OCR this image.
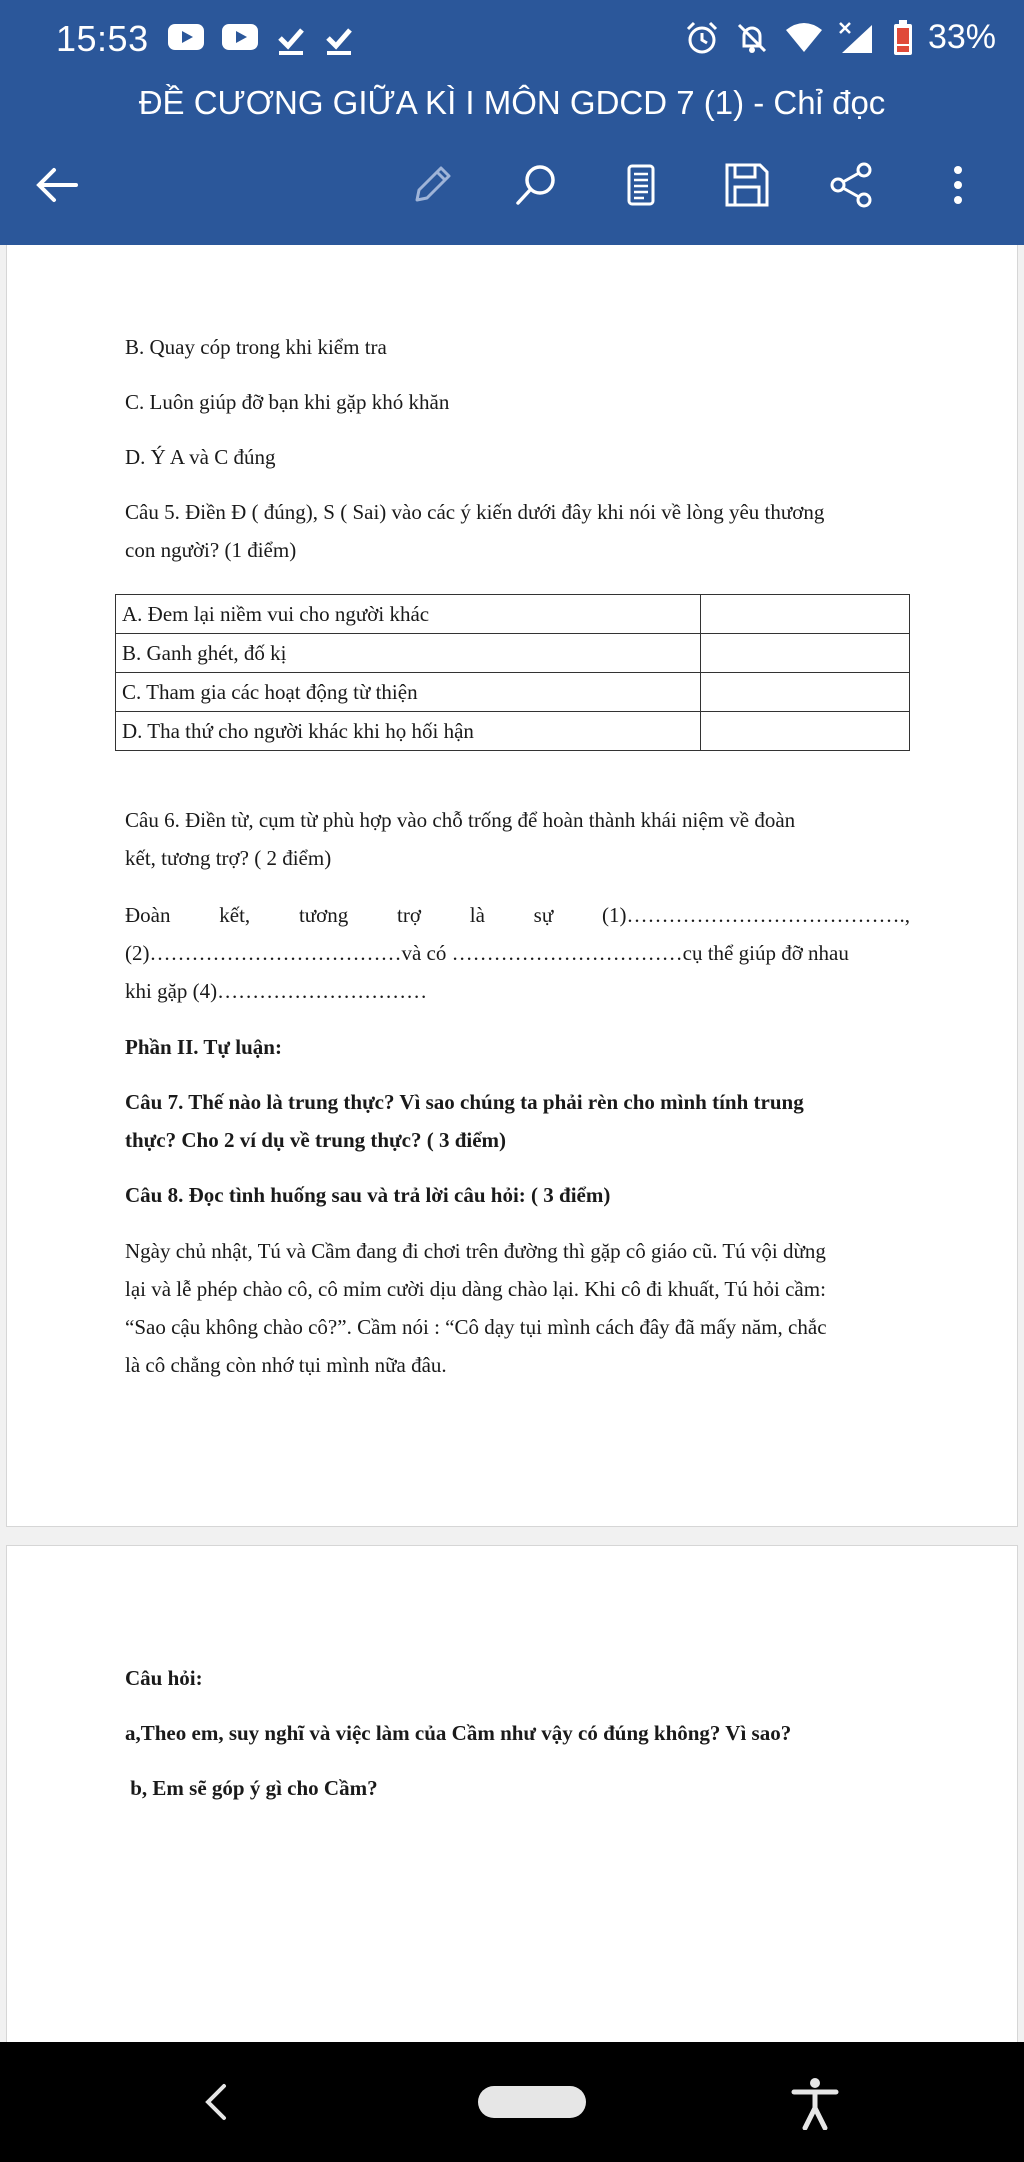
15:53	33%
ĐỀ CƯƠNG GIỮA KÌ I MÔN GDCD 7 (1) - Chỉ đọc
B. Quay cóp trong khi kiểm tra
C. Luôn giúp đỡ bạn khi gặp khó khăn
D. Ý A và C đúng
Câu 5. Điền Đ ( đúng), S ( Sai) vào các ý kiến dưới đây khi nói về lòng yêu thương
con người? (1 điểm)
A. Đem lại niềm vui cho người khác	
B. Ganh ghét, đố kị	
C. Tham gia các hoạt động từ thiện	
D. Tha thứ cho người khác khi họ hối hận	
Câu 6. Điền từ, cụm từ phù hợp vào chỗ trống để hoàn thành khái niệm về đoàn
kết, tương trợ? ( 2 điểm)
Đoàn kết, tương trợ là sự (1)………………………………….,
(2)………………………………và có ……………………………cụ thể giúp đỡ nhau
khi gặp (4)…………………………
Phần II. Tự luận:
Câu 7. Thế nào là trung thực? Vì sao chúng ta phải rèn cho mình tính trung
thực? Cho 2 ví dụ về trung thực? ( 3 điểm)
Câu 8. Đọc tình huống sau và trả lời câu hỏi: ( 3 điểm)
Ngày chủ nhật, Tú và Cầm đang đi chơi trên đường thì gặp cô giáo cũ. Tú vội dừng
lại và lễ phép chào cô, cô mỉm cười dịu dàng chào lại. Khi cô đi khuất, Tú hỏi cầm:
“Sao cậu không chào cô?”. Cầm nói : “Cô dạy tụi mình cách đây đã mấy năm, chắc
là cô chẳng còn nhớ tụi mình nữa đâu.
Câu hỏi:
a,Theo em, suy nghĩ và việc làm của Cầm như vậy có đúng không? Vì sao?
b, Em sẽ góp ý gì cho Cầm?
